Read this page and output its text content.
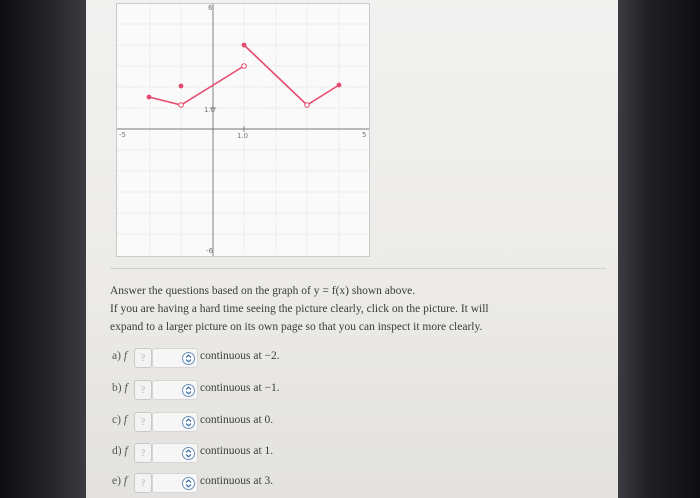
6
-6
-5	5
1.0
1.0

Answer the questions based on the graph of y = f(x) shown above.

If you are having a hard time seeing the picture clearly, click on the picture. It will

expand to a larger picture on its own page so that you can inspect it more clearly.

a) f	?	continuous at −2.
b) f	?	continuous at −1.
c) f	?	continuous at 0.
d) f	?	continuous at 1.
e) f	?	continuous at 3.
